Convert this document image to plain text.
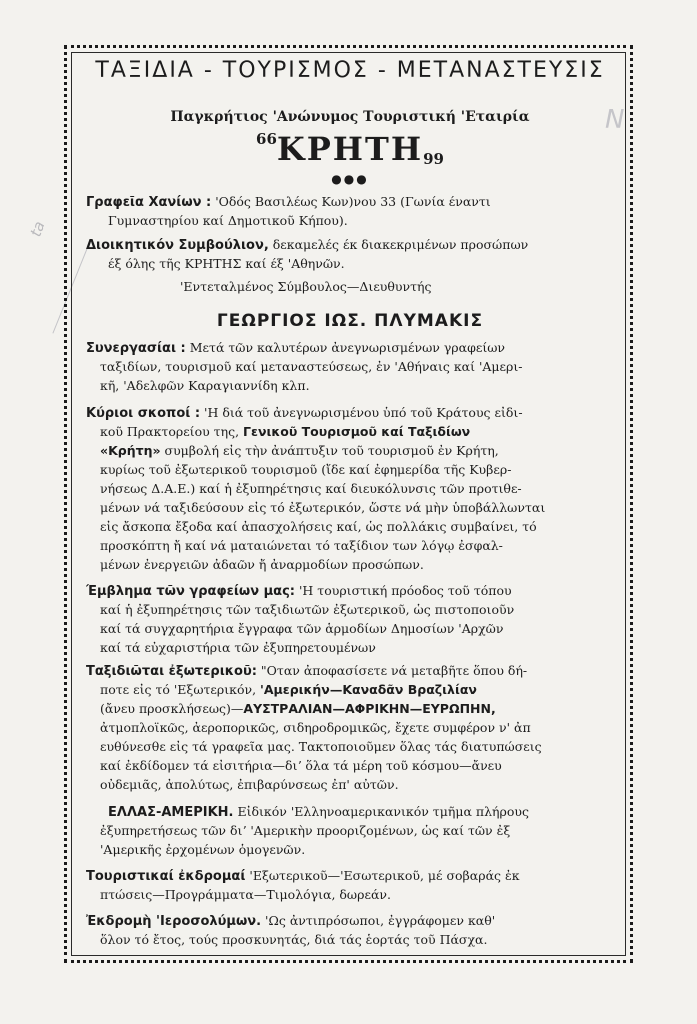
Ν
ta
ΤΑΞΙΔΙΑ - ΤΟΥΡΙΣΜΟΣ - ΜΕΤΑΝΑΣΤΕΥΣΙΣ
Παγκρήτιος 'Ανώνυμος Τουριστική 'Εταιρία
$^{66}$ΚΡΗΤΗ99
●●●
Γραφεῖα Χανίων : 'Οδός Βασιλέως Κων)νου 33 (Γωνία έναντι
Γυμναστηρίου καί Δημοτικοῦ Κήπου).
Διοικητικόν Συμβούλιον, δεκαμελές έκ διακεκριμένων προσώπων
έξ όλης τῆς ΚΡΗΤΗΣ καί έξ 'Αθηνῶν.
'Εντεταλμένος Σύμβουλος—Διευθυντής
ΓΕΩΡΓΙΟΣ ΙΩΣ. ΠΛΥΜΑΚΙΣ
Συνεργασίαι : Μετά τῶν καλυτέρων ἀνεγνωρισμένων γραφείων
ταξιδίων, τουρισμοῦ καί μεταναστεύσεως, ἐν 'Αθήναις καί 'Αμερι-
κῆ, 'Αδελφῶν Καραγιαννίδη κλπ.
Κύριοι σκοποί : 'Η διά τοῦ ἀνεγνωρισμένου ὑπό τοῦ Κράτους εἰδι-
κοῦ Πρακτορείου της, Γενικοῦ Τουρισμοῦ καί Ταξιδίων
«Κρήτη» συμβολή εἰς τὴν ἀνάπτυξιν τοῦ τουρισμοῦ ἐν Κρήτη,
κυρίως τοῦ ἐξωτερικοῦ τουρισμοῦ (ἴδε καί ἐφημερίδα τῆς Κυβερ-
νήσεως Δ.Α.Ε.) καί ἡ ἐξυπηρέτησις καί διευκόλυνσις τῶν προτιθε-
μένων νά ταξιδεύσουν εἰς τό ἐξωτερικόν, ὥστε νά μὴν ὑποβάλλωνται
εἰς ἄσκοπα ἔξοδα καί ἀπασχολήσεις καί, ὡς πολλάκις συμβαίνει, τό
προσκόπτη ἤ καί νά ματαιώνεται τό ταξίδιον των λόγῳ ἐσφαλ-
μένων ἐνεργειῶν ἀδαῶν ἤ ἀναρμοδίων προσώπων.
Έμβλημα τῶν γραφείων μας: 'Η τουριστική πρόοδος τοῦ τόπου
καί ἡ ἐξυπηρέτησις τῶν ταξιδιωτῶν ἐξωτερικοῦ, ὡς πιστοποιοῦν
καί τά συγχαρητήρια ἔγγραφα τῶν ἁρμοδίων Δημοσίων 'Αρχῶν
καί τά εὐχαριστήρια τῶν ἐξυπηρετουμένων
Ταξιδιῶται ἐξωτερικοῦ: "Οταν ἀποφασίσετε νά μεταβῆτε ὅπου δή-
ποτε εἰς τό 'Εξωτερικόν, 'Αμερικήν—Καναδᾶν Βραζιλίαν
(ἄνευ προσκλήσεως)—ΑΥΣΤΡΑΛΙΑΝ—ΑΦΡΙΚΗΝ—ΕΥΡΩΠΗΝ,
ἀτμοπλοϊκῶς, ἀεροπορικῶς, σιδηροδρομικῶς, ἔχετε συμφέρον ν' ἀπ
ευθύνεσθε εἰς τά γραφεῖα μας. Τακτοποιοῦμεν ὅλας τάς διατυπώσεις
καί ἐκδίδομεν τά εἰσιτήρια—διʼ ὅλα τά μέρη τοῦ κόσμου—ἄνευ
οὐδεμιᾶς, ἀπολύτως, ἐπιβαρύνσεως ἐπ' αὐτῶν.
ΕΛΛΑΣ-ΑΜΕΡΙΚΗ. Εἰδικόν 'Ελληνοαμερικανικόν τμῆμα πλήρους
ἐξυπηρετήσεως τῶν διʼ 'Αμερικὴν προοριζομένων, ὡς καί τῶν ἐξ
'Αμερικῆς ἐρχομένων ὁμογενῶν.
Τουριστικαί ἐκδρομαί 'Εξωτερικοῦ—'Εσωτερικοῦ, μέ σοβαράς ἐκ
πτώσεις—Προγράμματα—Τιμολόγια, δωρεάν.
Ἐκδρομὴ 'Ιεροσολύμων. 'Ως ἀντιπρόσωποι, ἐγγράφομεν καθ'
ὅλον τό ἔτος, τούς προσκυνητάς, διά τάς ἑορτάς τοῦ Πάσχα.
